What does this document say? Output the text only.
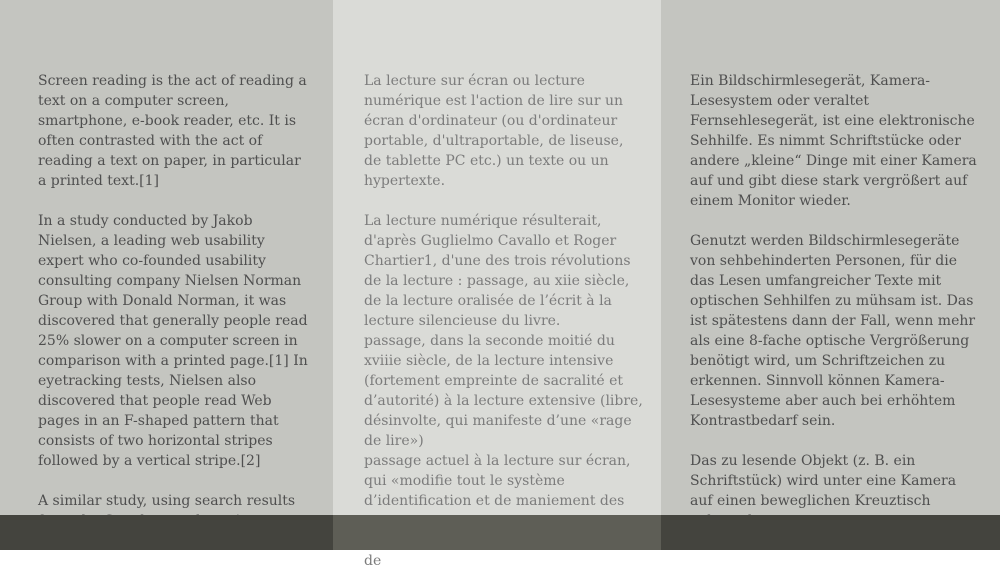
Screen reading is the act of reading a text on a computer screen, smartphone, e-book reader, etc. It is often contrasted with the act of reading a text on paper, in particular a printed text.[1]

In a study conducted by Jakob Nielsen, a leading web usability expert who co-founded usability consulting company Nielsen Norman Group with Donald Norman, it was discovered that generally people read 25% slower on a computer screen in comparison with a printed page.[1] In eyetracking tests, Nielsen also discovered that people read Web pages in an F-shaped pattern that consists of two horizontal stripes followed by a vertical stripe.[2]

A similar study, using search results

La lecture sur écran ou lecture numérique est l'action de lire sur un écran d'ordinateur (ou d'ordinateur portable, d'ultraportable, de liseuse, de tablette PC etc.) un texte ou un hypertexte.

La lecture numérique résulterait, d'après Guglielmo Cavallo et Roger Chartier1, d'une des trois révolutions de la lecture : passage, au xiie siècle, de la lecture oralisée de l’écrit à la lecture silencieuse du livre.
passage, dans la seconde moitié du xviiie siècle, de la lecture intensive (fortement empreinte de sacralité et d’autorité) à la lecture extensive (libre, désinvolte, qui manifeste d’une «rage de lire»)
passage actuel à la lecture sur écran, qui «modifie tout le système d’identification et de maniement des
de

Ein Bildschirmlesegerät, Kamera-Lesesystem oder veraltet Fernsehlesegerät, ist eine elektronische Sehhilfe. Es nimmt Schriftstücke oder andere „kleine“ Dinge mit einer Kamera auf und gibt diese stark vergrößert auf einem Monitor wieder.

Genutzt werden Bildschirmlesegeräte von sehbehinderten Personen, für die das Lesen umfangreicher Texte mit optischen Sehhilfen zu mühsam ist. Das ist spätestens dann der Fall, wenn mehr als eine 8-fache optische Vergrößerung benötigt wird, um Schriftzeichen zu erkennen. Sinnvoll können Kamera-Lesesysteme aber auch bei erhöhtem Kontrastbedarf sein.

Das zu lesende Objekt (z. B. ein Schriftstück) wird unter eine Kamera auf einen beweglichen Kreuztisch
